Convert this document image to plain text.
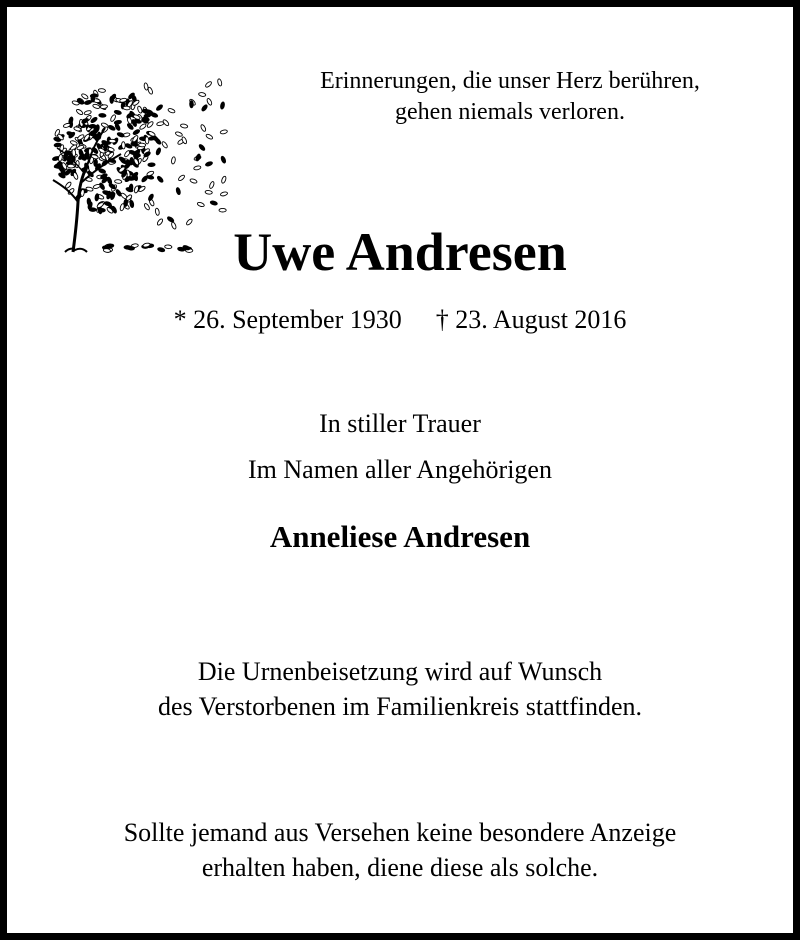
Erinnerungen, die unser Herz berühren,
gehen niemals verloren.
Uwe Andresen
* 26. September 1930 † 23. August 2016
In stiller Trauer
Im Namen aller Angehörigen
Anneliese Andresen
Die Urnenbeisetzung wird auf Wunsch
des Verstorbenen im Familienkreis stattfinden.
Sollte jemand aus Versehen keine besondere Anzeige
erhalten haben, diene diese als solche.
